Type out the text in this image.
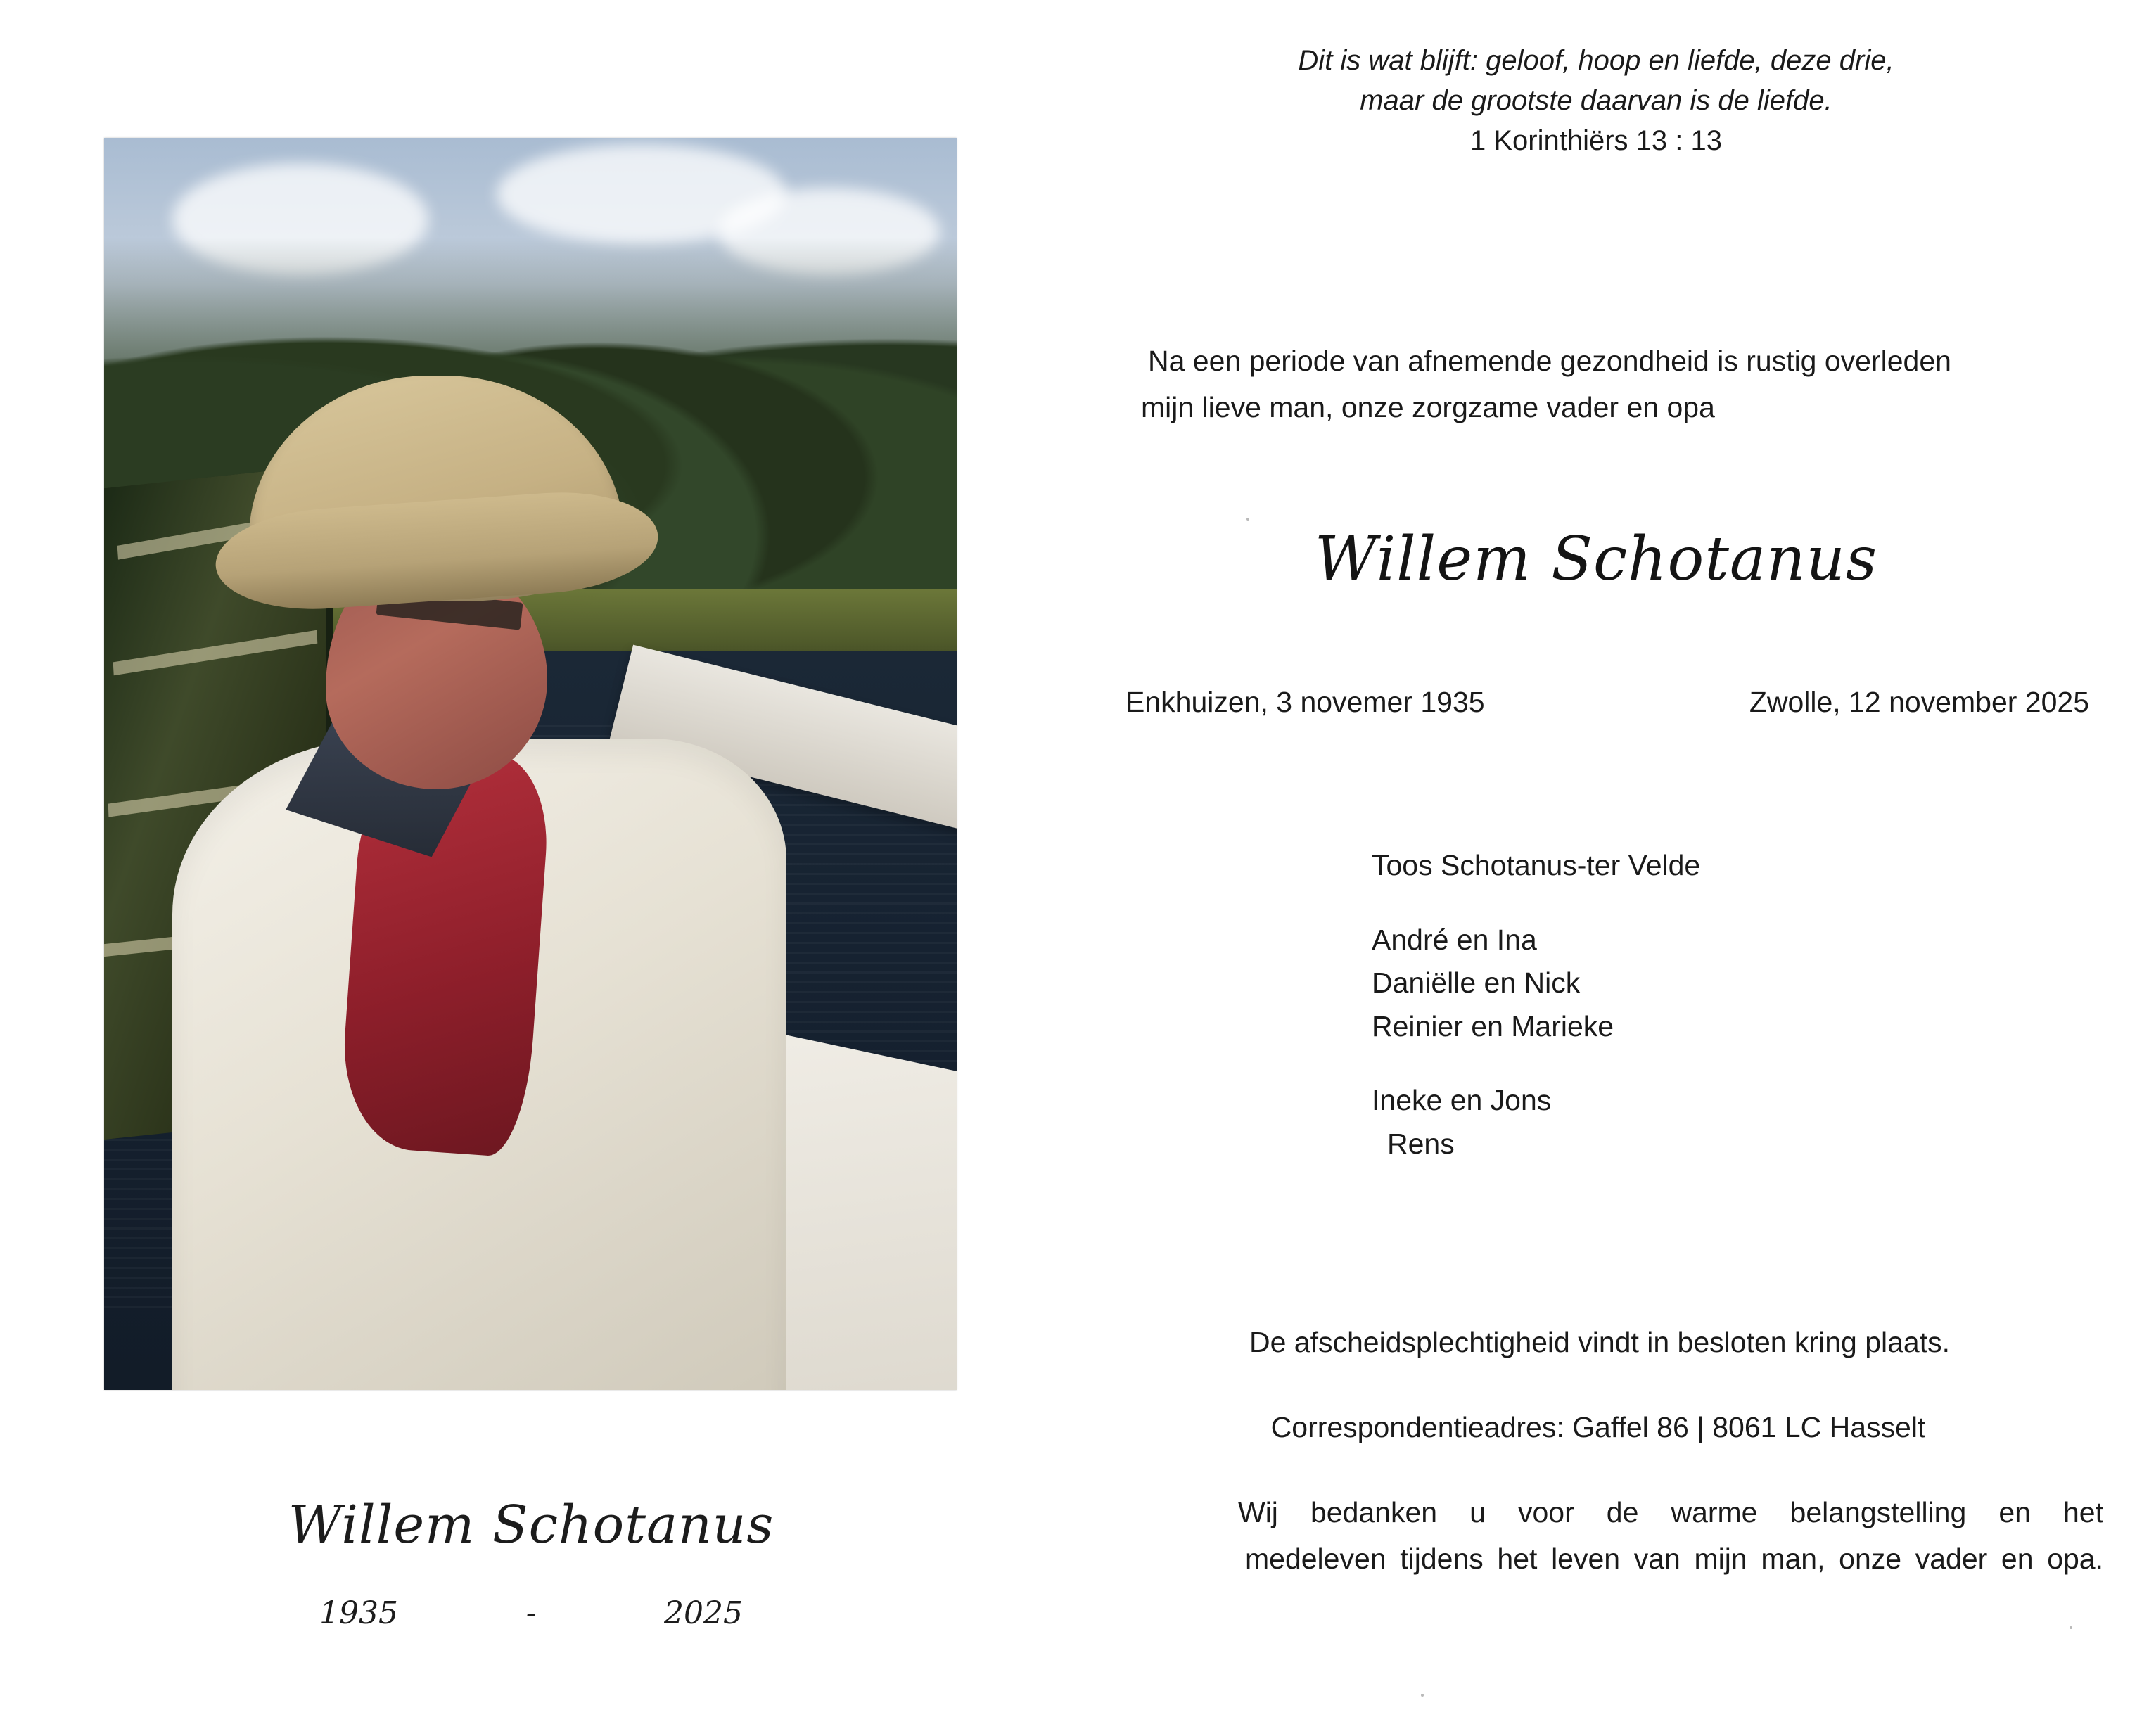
Willem Schotanus
1935	-	2025
Dit is wat blijft: geloof, hoop en liefde, deze drie,
maar de grootste daarvan is de liefde.
1 Korinthiërs 13 : 13
Na een periode van afnemende gezondheid is rustig overleden
mijn lieve man, onze zorgzame vader en opa
Willem Schotanus
Enkhuizen, 3 novemer 1935	Zwolle, 12 november 2025
Toos Schotanus-ter Velde
André en Ina
Daniëlle en Nick
Reinier en Marieke
Ineke en Jons
Rens
De afscheidsplechtigheid vindt in besloten kring plaats.
Correspondentieadres: Gaffel 86 | 8061 LC Hasselt
Wij bedanken u voor de warme belangstelling en het
medeleven tijdens het leven van mijn man, onze vader en opa.
